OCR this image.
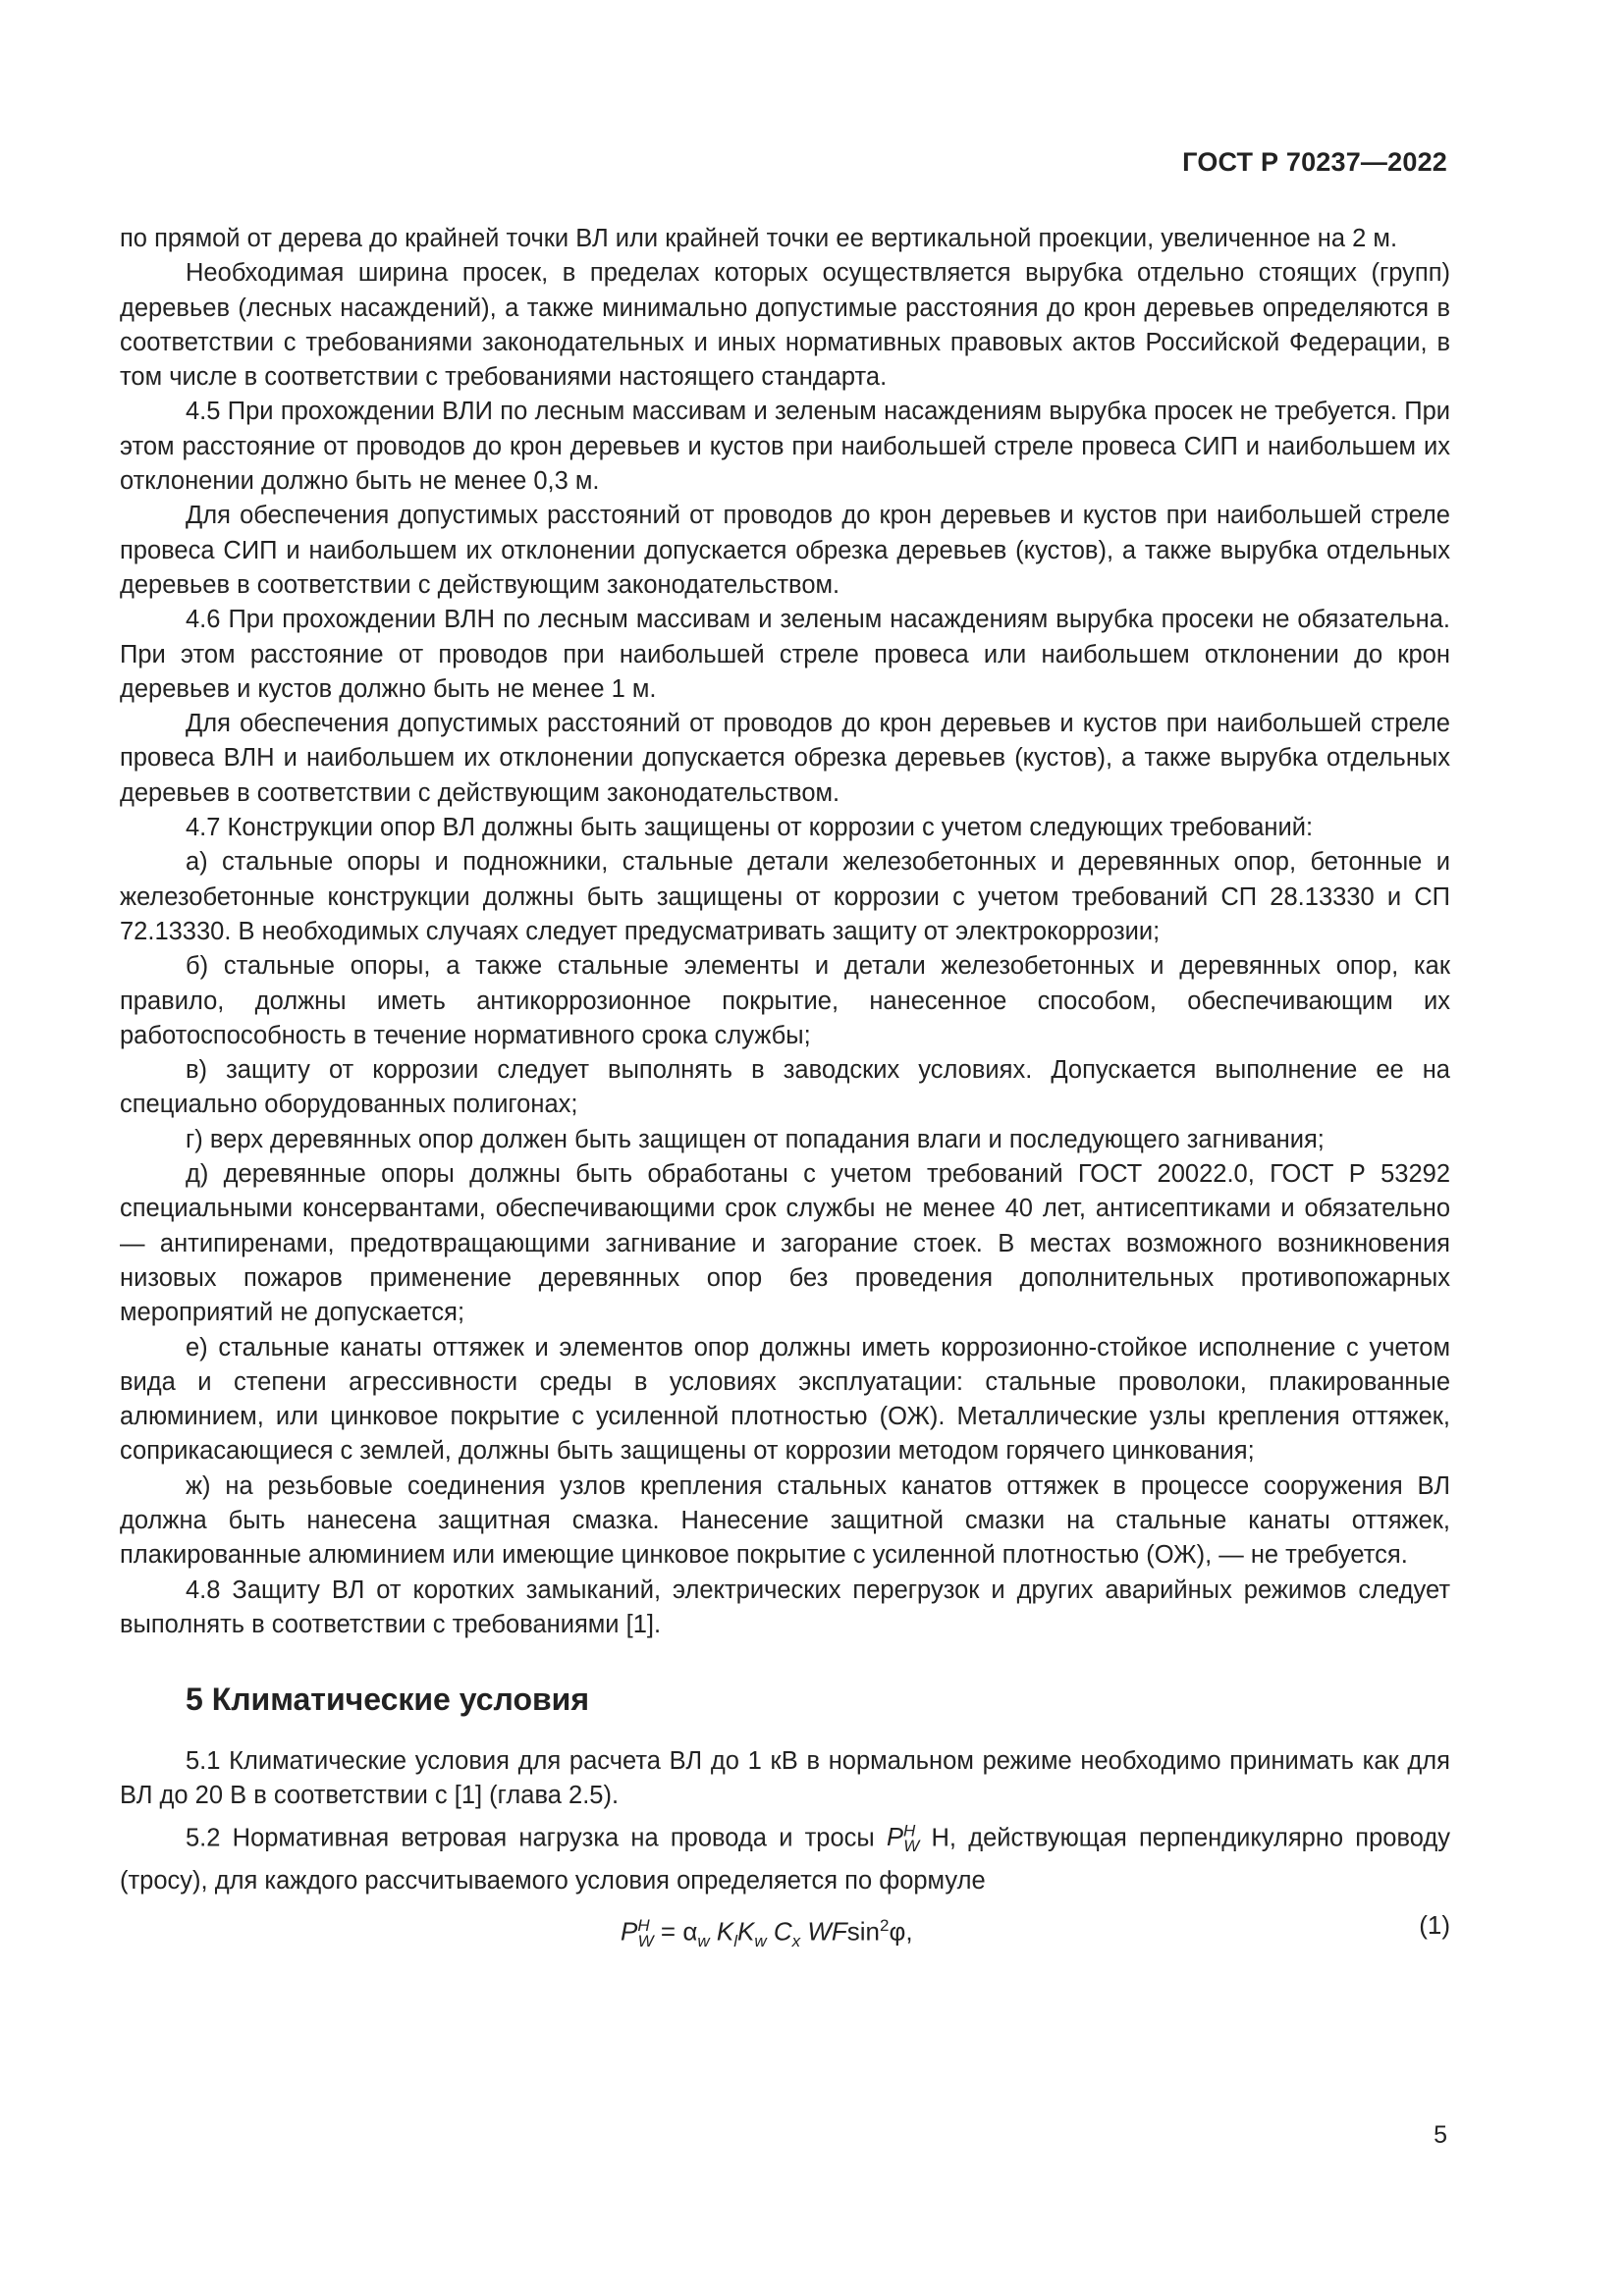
ГОСТ Р 70237—2022

по прямой от дерева до крайней точки ВЛ или крайней точки ее вертикальной проекции, увеличенное на 2 м.

Необходимая ширина просек, в пределах которых осуществляется вырубка отдельно стоящих (групп) деревьев (лесных насаждений), а также минимально допустимые расстояния до крон деревьев определяются в соответствии с требованиями законодательных и иных нормативных правовых актов Российской Федерации, в том числе в соответствии с требованиями настоящего стандарта.

4.5 При прохождении ВЛИ по лесным массивам и зеленым насаждениям вырубка просек не требуется. При этом расстояние от проводов до крон деревьев и кустов при наибольшей стреле провеса СИП и наибольшем их отклонении должно быть не менее 0,3 м.

Для обеспечения допустимых расстояний от проводов до крон деревьев и кустов при наибольшей стреле провеса СИП и наибольшем их отклонении допускается обрезка деревьев (кустов), а также вырубка отдельных деревьев в соответствии с действующим законодательством.

4.6 При прохождении ВЛН по лесным массивам и зеленым насаждениям вырубка просеки не обязательна. При этом расстояние от проводов при наибольшей стреле провеса или наибольшем отклонении до крон деревьев и кустов должно быть не менее 1 м.

Для обеспечения допустимых расстояний от проводов до крон деревьев и кустов при наибольшей стреле провеса ВЛН и наибольшем их отклонении допускается обрезка деревьев (кустов), а также вырубка отдельных деревьев в соответствии с действующим законодательством.

4.7 Конструкции опор ВЛ должны быть защищены от коррозии с учетом следующих требований:

а) стальные опоры и подножники, стальные детали железобетонных и деревянных опор, бетонные и железобетонные конструкции должны быть защищены от коррозии с учетом требований СП 28.13330 и СП 72.13330. В необходимых случаях следует предусматривать защиту от электрокоррозии;

б) стальные опоры, а также стальные элементы и детали железобетонных и деревянных опор, как правило, должны иметь антикоррозионное покрытие, нанесенное способом, обеспечивающим их работоспособность в течение нормативного срока службы;

в) защиту от коррозии следует выполнять в заводских условиях. Допускается выполнение ее на специально оборудованных полигонах;

г) верх деревянных опор должен быть защищен от попадания влаги и последующего загнивания;

д) деревянные опоры должны быть обработаны с учетом требований ГОСТ 20022.0, ГОСТ Р 53292 специальными консервантами, обеспечивающими срок службы не менее 40 лет, антисептиками и обязательно — антипиренами, предотвращающими загнивание и загорание стоек. В местах возможного возникновения низовых пожаров применение деревянных опор без проведения дополнительных противопожарных мероприятий не допускается;

е) стальные канаты оттяжек и элементов опор должны иметь коррозионно-стойкое исполнение с учетом вида и степени агрессивности среды в условиях эксплуатации: стальные проволоки, плакированные алюминием, или цинковое покрытие с усиленной плотностью (ОЖ). Металлические узлы крепления оттяжек, соприкасающиеся с землей, должны быть защищены от коррозии методом горячего цинкования;

ж) на резьбовые соединения узлов крепления стальных канатов оттяжек в процессе сооружения ВЛ должна быть нанесена защитная смазка. Нанесение защитной смазки на стальные канаты оттяжек, плакированные алюминием или имеющие цинковое покрытие с усиленной плотностью (ОЖ), — не требуется.

4.8 Защиту ВЛ от коротких замыканий, электрических перегрузок и других аварийных режимов следует выполнять в соответствии с требованиями [1].

5 Климатические условия

5.1 Климатические условия для расчета ВЛ до 1 кВ в нормальном режиме необходимо принимать как для ВЛ до 20 В в соответствии с [1] (глава 2.5).

5.2 Нормативная ветровая нагрузка на провода и тросы $P^H_W$ Н, действующая перпендикулярно проводу (тросу), для каждого рассчитываемого условия определяется по формуле

$P^H_W = \alpha_w$ $K_lK_w$ $C_x$ WFsin$^2$φ,	(1)
5
